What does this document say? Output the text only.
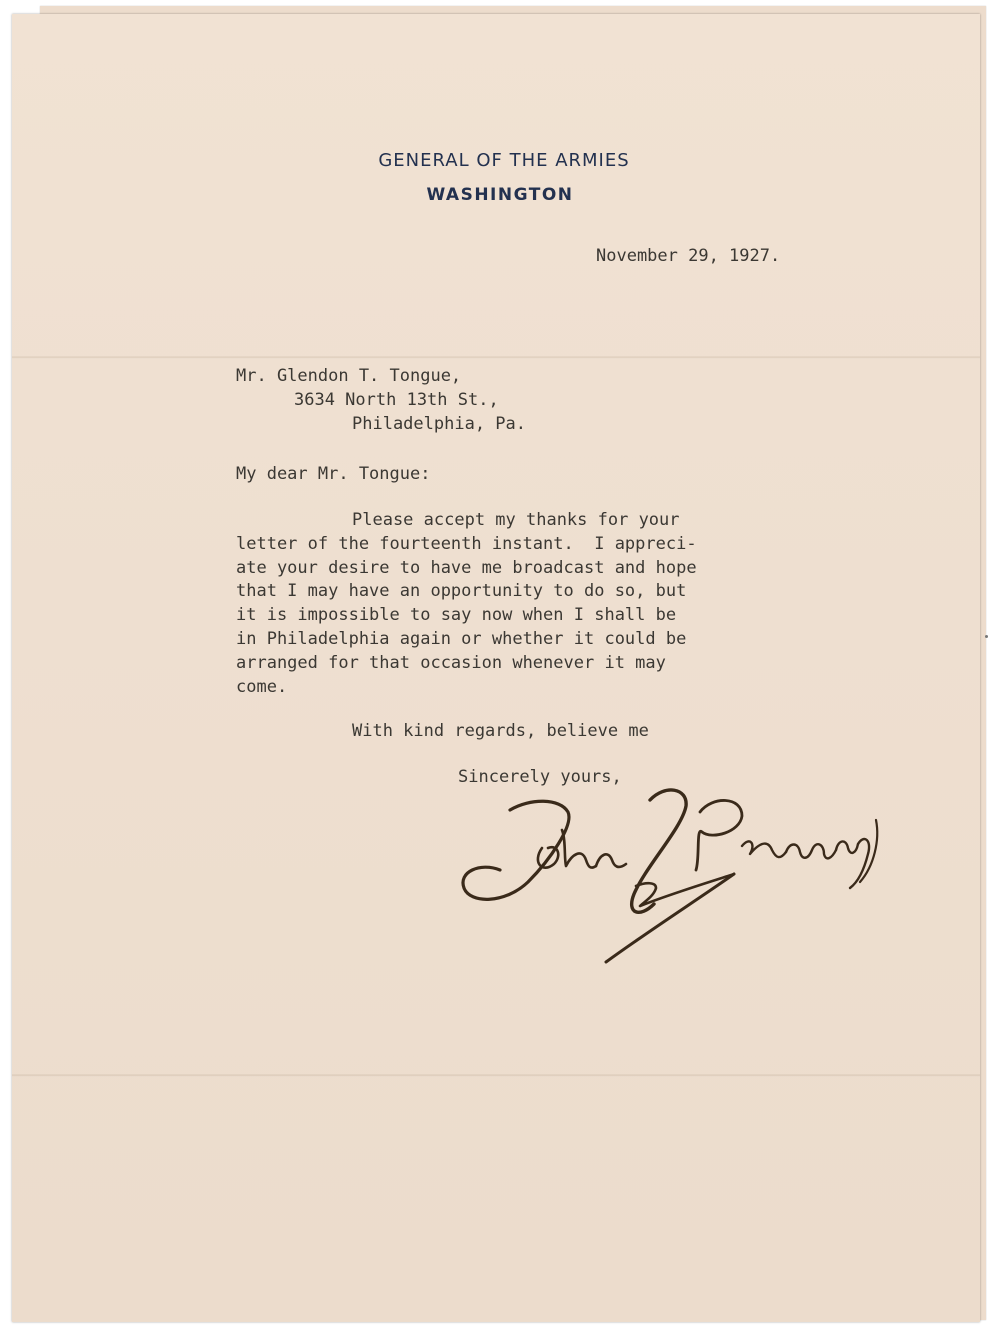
GENERAL OF THE ARMIES
WASHINGTON
November 29, 1927.
Mr. Glendon T. Tongue,
3634 North 13th St.,
Philadelphia, Pa.
My dear Mr. Tongue:
Please accept my thanks for your
letter of the fourteenth instant.  I appreci-
ate your desire to have me broadcast and hope
that I may have an opportunity to do so, but
it is impossible to say now when I shall be
in Philadelphia again or whether it could be
arranged for that occasion whenever it may
come.
With kind regards, believe me
Sincerely yours,
